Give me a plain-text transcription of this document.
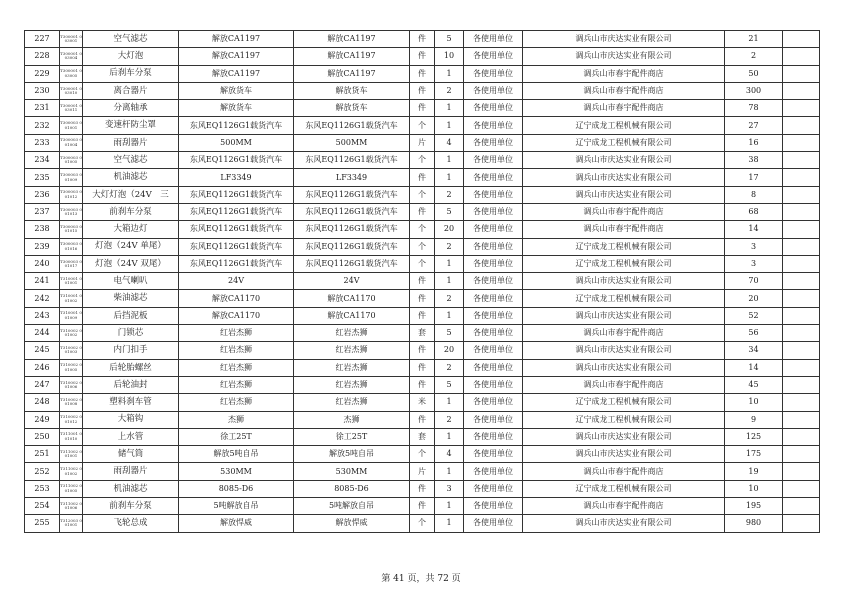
227	T300001 003001	空气滤芯	解放CA1197	解放CA1197	件	5	各使用单位	调兵山市庆达实业有限公司	21	
228	T300001 003004	大灯泡	解放CA1197	解放CA1197	件	10	各使用单位	调兵山市庆达实业有限公司	2	
229	T300001 003005	后刹车分泵	解放CA1197	解放CA1197	件	1	各使用单位	调兵山市春宇配件商店	50	
230	T300001 003010	离合器片	解放货车	解放货车	件	2	各使用单位	调兵山市春宇配件商店	300	
231	T300001 003011	分离轴承	解放货车	解放货车	件	1	各使用单位	调兵山市春宇配件商店	78	
232	T300003 001001	变速杆防尘罩	东风EQ1126G1载货汽车	东风EQ1126G1载货汽车	个	1	各使用单位	辽宁成龙工程机械有限公司	27	
233	T300003 001004	雨刮器片	500MM	500MM	片	4	各使用单位	辽宁成龙工程机械有限公司	16	
234	T300003 001005	空气滤芯	东风EQ1126G1载货汽车	东风EQ1126G1载货汽车	个	1	各使用单位	调兵山市庆达实业有限公司	38	
235	T300003 001009	机油滤芯	LF3349	LF3349	件	1	各使用单位	调兵山市庆达实业有限公司	17	
236	T300003 001012	大灯灯泡（24V　三	东风EQ1126G1载货汽车	东风EQ1126G1载货汽车	个	2	各使用单位	调兵山市庆达实业有限公司	8	
237	T300003 001013	前刹车分泵	东风EQ1126G1载货汽车	东风EQ1126G1载货汽车	件	5	各使用单位	调兵山市春宇配件商店	68	
238	T300003 001015	大箱边灯	东风EQ1126G1载货汽车	东风EQ1126G1载货汽车	个	20	各使用单位	调兵山市春宇配件商店	14	
239	T300003 001016	灯泡（24V 单尾）	东风EQ1126G1载货汽车	东风EQ1126G1载货汽车	个	2	各使用单位	辽宁成龙工程机械有限公司	3	
240	T300003 001017	灯泡（24V 双尾）	东风EQ1126G1载货汽车	东风EQ1126G1载货汽车	个	1	各使用单位	辽宁成龙工程机械有限公司	3	
241	T310001 001001	电气喇叭	24V	24V	件	1	各使用单位	调兵山市庆达实业有限公司	70	
242	T310001 001002	柴油滤芯	解放CA1170	解放CA1170	件	2	各使用单位	辽宁成龙工程机械有限公司	20	
243	T310001 001009	后挡泥板	解放CA1170	解放CA1170	件	1	各使用单位	调兵山市庆达实业有限公司	52	
244	T310002 001002	门锁芯	红岩杰狮	红岩杰狮	套	5	各使用单位	调兵山市春宇配件商店	56	
245	T310002 001003	内门扣手	红岩杰狮	红岩杰狮	件	20	各使用单位	调兵山市庆达实业有限公司	34	
246	T310002 001005	后轮胎螺丝	红岩杰狮	红岩杰狮	件	2	各使用单位	调兵山市庆达实业有限公司	14	
247	T310002 001006	后轮油封	红岩杰狮	红岩杰狮	件	5	各使用单位	调兵山市春宇配件商店	45	
248	T310002 001008	塑料刹车管	红岩杰狮	红岩杰狮	米	1	各使用单位	辽宁成龙工程机械有限公司	10	
249	T310002 001012	大箱钩	杰狮	杰狮	件	2	各使用单位	辽宁成龙工程机械有限公司	9	
250	T311001 001010	上水管	徐工25T	徐工25T	套	1	各使用单位	调兵山市庆达实业有限公司	125	
251	T311002 001001	储气筒	解放5吨自吊	解放5吨自吊	个	4	各使用单位	调兵山市庆达实业有限公司	175	
252	T311002 001002	雨刮器片	530MM	530MM	片	1	各使用单位	调兵山市春宇配件商店	19	
253	T311002 001005	机油滤芯	8085-D6	8085-D6	件	3	各使用单位	辽宁成龙工程机械有限公司	10	
254	T311002 001006	前刹车分泵	5吨解放自吊	5吨解放自吊	件	1	各使用单位	调兵山市春宇配件商店	195	
255	T312003 001001	飞轮总成	解放悍威	解放悍威	个	1	各使用单位	调兵山市庆达实业有限公司	980	
第 41 页，共 72 页
